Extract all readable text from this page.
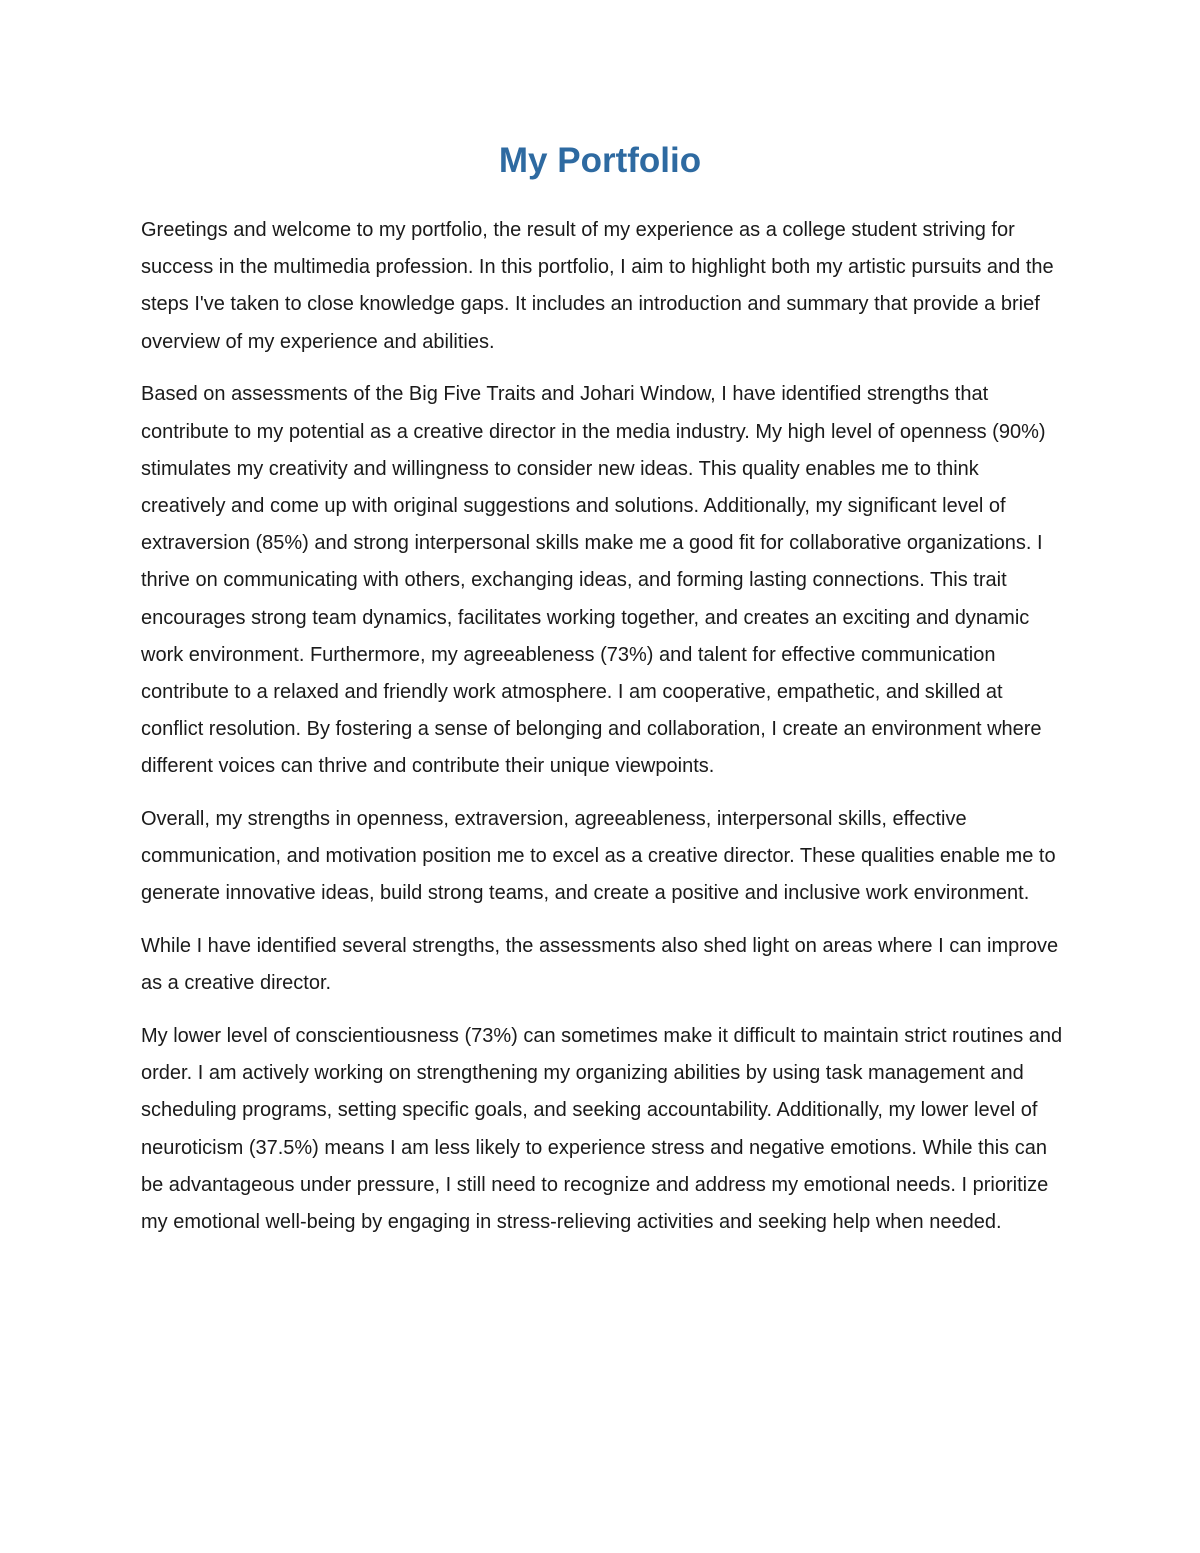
My Portfolio

Greetings and welcome to my portfolio, the result of my experience as a college student striving for success in the multimedia profession. In this portfolio, I aim to highlight both my artistic pursuits and the steps I've taken to close knowledge gaps. It includes an introduction and summary that provide a brief overview of my experience and abilities.

Based on assessments of the Big Five Traits and Johari Window, I have identified strengths that contribute to my potential as a creative director in the media industry. My high level of openness (90%) stimulates my creativity and willingness to consider new ideas. This quality enables me to think creatively and come up with original suggestions and solutions. Additionally, my significant level of extraversion (85%) and strong interpersonal skills make me a good fit for collaborative organizations. I thrive on communicating with others, exchanging ideas, and forming lasting connections. This trait encourages strong team dynamics, facilitates working together, and creates an exciting and dynamic work environment. Furthermore, my agreeableness (73%) and talent for effective communication contribute to a relaxed and friendly work atmosphere. I am cooperative, empathetic, and skilled at conflict resolution. By fostering a sense of belonging and collaboration, I create an environment where different voices can thrive and contribute their unique viewpoints.

Overall, my strengths in openness, extraversion, agreeableness, interpersonal skills, effective communication, and motivation position me to excel as a creative director. These qualities enable me to generate innovative ideas, build strong teams, and create a positive and inclusive work environment.

While I have identified several strengths, the assessments also shed light on areas where I can improve as a creative director.

My lower level of conscientiousness (73%) can sometimes make it difficult to maintain strict routines and order. I am actively working on strengthening my organizing abilities by using task management and scheduling programs, setting specific goals, and seeking accountability. Additionally, my lower level of neuroticism (37.5%) means I am less likely to experience stress and negative emotions. While this can be advantageous under pressure, I still need to recognize and address my emotional needs. I prioritize my emotional well-being by engaging in stress-relieving activities and seeking help when needed.
